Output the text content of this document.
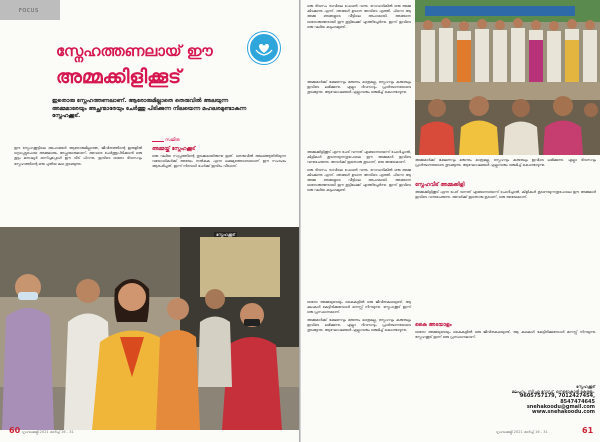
FOCUS
സ്നേഹത്തണലായ് ഈ
അമ്മക്കിളിക്കൂട്
ഇതൊരു സ്നേഹത്തണലാണ്. ആരോരുമില്ലാതെ തെരുവിൽ അലയുന്ന അമ്മമാരേയും അച്ഛന്മാരേയും ചേർത്തു പിടിക്കുന്ന നിലയെന്ന മഹലരമുണ്ടാകുന്ന സ്നേഹക്കൂട്.
സജിത

ഈ സ്നേഹക്കൂട്ടിലെ അംഗങ്ങൾ ആരോരുമില്ലാത്ത, ജീവിതത്തിന്റെ ഇരുളിൽ ഒറ്റപ്പെട്ടുപോയ അമ്മമാരും അച്ഛന്മാരുമാണ്. അവരെ ചേർത്തുപിടിക്കാൻ ഒരു കൂട്ടം മനുഷ്യർ ഒന്നിച്ചപ്പോൾ ഈ വീട് പിറന്നു. ഇവിടെ ഓരോ ദിവസവും സ്നേഹത്തിന്റെ ഒരു പുതിയ കഥ തുടങ്ങുന്നു.

അമ്മയ്ക്ക് സ്നേഹക്കൂട്

ഒരു വലിയ സ്വപ്നത്തിന്റെ തുടക്കമായിരുന്നു ഇത്. തെരുവിൽ അലഞ്ഞുതിരിയുന്ന വയോധികർക്ക് അഭയം നൽകുക എന്ന ലക്ഷ്യത്തോടെയാണ് ഈ സംരംഭം ആരംഭിച്ചത്. ഇന്ന് നിരവധി പേർക്ക് ഇവിടം വീടാണ്.

സ്നേഹക്കൂട്
60 ഗൃഹലക്ഷ്മി 2021 മാർച്ച് 16 - 31

ഒരു ദിവസം രാവിലെ ഫോൺ വന്നു. റോഡരികിൽ ഒരു അമ്മ കിടക്കുന്നു എന്ന്. ഞങ്ങൾ ഉടനെ അവിടെ എത്തി. പിന്നെ ആ അമ്മ ഞങ്ങളുടെ വീട്ടിലെ അംഗമായി. അങ്ങനെ ഓരോരുത്തരായി ഈ കൂട്ടിലേക്ക് എത്തിച്ചേർന്നു. ഇന്ന് ഇവിടെ ഒരു വലിയ കുടുംബമുണ്ട്.

അമ്മമാർക്ക് ഭക്ഷണവും മരുന്നും മാത്രമല്ല, സ്നേഹവും കരുതലും ഇവിടെ ലഭിക്കുന്നു. എല്ലാ ദിവസവും പ്രാർത്ഥനയോടെ തുടങ്ങുന്നു. ആഘോഷങ്ങൾ എല്ലാവരും ഒരുമിച്ച് കൊണ്ടാടുന്നു.

അമ്മമാർക്ക് ഭക്ഷണവും മരുന്നും മാത്രമല്ല, സ്നേഹവും കരുതലും ഇവിടെ ലഭിക്കുന്നു. എല്ലാ ദിവസവും പ്രാർത്ഥനയോടെ തുടങ്ങുന്നു. ആഘോഷങ്ങൾ എല്ലാവരും ഒരുമിച്ച് കൊണ്ടാടുന്നു.

സ്നേഹവീട് അമ്മക്കിളി

അമ്മക്കിളിക്കൂട് എന്ന പേര് വന്നത് എങ്ങനെയെന്ന് ചോദിച്ചാൽ, കിളികൾ കൂടണയുന്നതുപോലെ ഈ അമ്മമാർ ഇവിടെ വന്നുചേരുന്നു. അവർക്ക് ഇതൊരു കൂടാണ്, ഒരു അഭയമാണ്.

അമ്മക്കിളിക്കൂട് എന്ന പേര് വന്നത് എങ്ങനെയെന്ന് ചോദിച്ചാൽ, കിളികൾ കൂടണയുന്നതുപോലെ ഈ അമ്മമാർ ഇവിടെ വന്നുചേരുന്നു. അവർക്ക് ഇതൊരു കൂടാണ്, ഒരു അഭയമാണ്.

ഒരു ദിവസം രാവിലെ ഫോൺ വന്നു. റോഡരികിൽ ഒരു അമ്മ കിടക്കുന്നു എന്ന്. ഞങ്ങൾ ഉടനെ അവിടെ എത്തി. പിന്നെ ആ അമ്മ ഞങ്ങളുടെ വീട്ടിലെ അംഗമായി. അങ്ങനെ ഓരോരുത്തരായി ഈ കൂട്ടിലേക്ക് എത്തിച്ചേർന്നു. ഇന്ന് ഇവിടെ ഒരു വലിയ കുടുംബമുണ്ട്.

കൈ അടയാളം

ഓരോ അമ്മയുടെയും കൈകളിൽ ഒരു ജീവിതകഥയുണ്ട്. ആ കഥകൾ കേട്ടിരിക്കുമ്പോൾ മനസ്സ് നിറയുന്നു. സ്നേഹക്കൂട് ഇന്ന് ഒരു പ്രസ്ഥാനമാണ്.

ഓരോ അമ്മയുടെയും കൈകളിൽ ഒരു ജീവിതകഥയുണ്ട്. ആ കഥകൾ കേട്ടിരിക്കുമ്പോൾ മനസ്സ് നിറയുന്നു. സ്നേഹക്കൂട് ഇന്ന് ഒരു പ്രസ്ഥാനമാണ്.

അമ്മമാർക്ക് ഭക്ഷണവും മരുന്നും മാത്രമല്ല, സ്നേഹവും കരുതലും ഇവിടെ ലഭിക്കുന്നു. എല്ലാ ദിവസവും പ്രാർത്ഥനയോടെ തുടങ്ങുന്നു. ആഘോഷങ്ങൾ എല്ലാവരും ഒരുമിച്ച് കൊണ്ടാടുന്നു.

സ്നേഹക്കൂട്
മലപ്പുറം, സി.എ റോഡ്, നെടൊകാരി കേരളം.
9605757179, 7012427454, 8547474645
snehakoodu@gmail.com
www.snehakoodu.com
ഗൃഹലക്ഷ്മി 2021 മാർച്ച് 16 - 31	61
